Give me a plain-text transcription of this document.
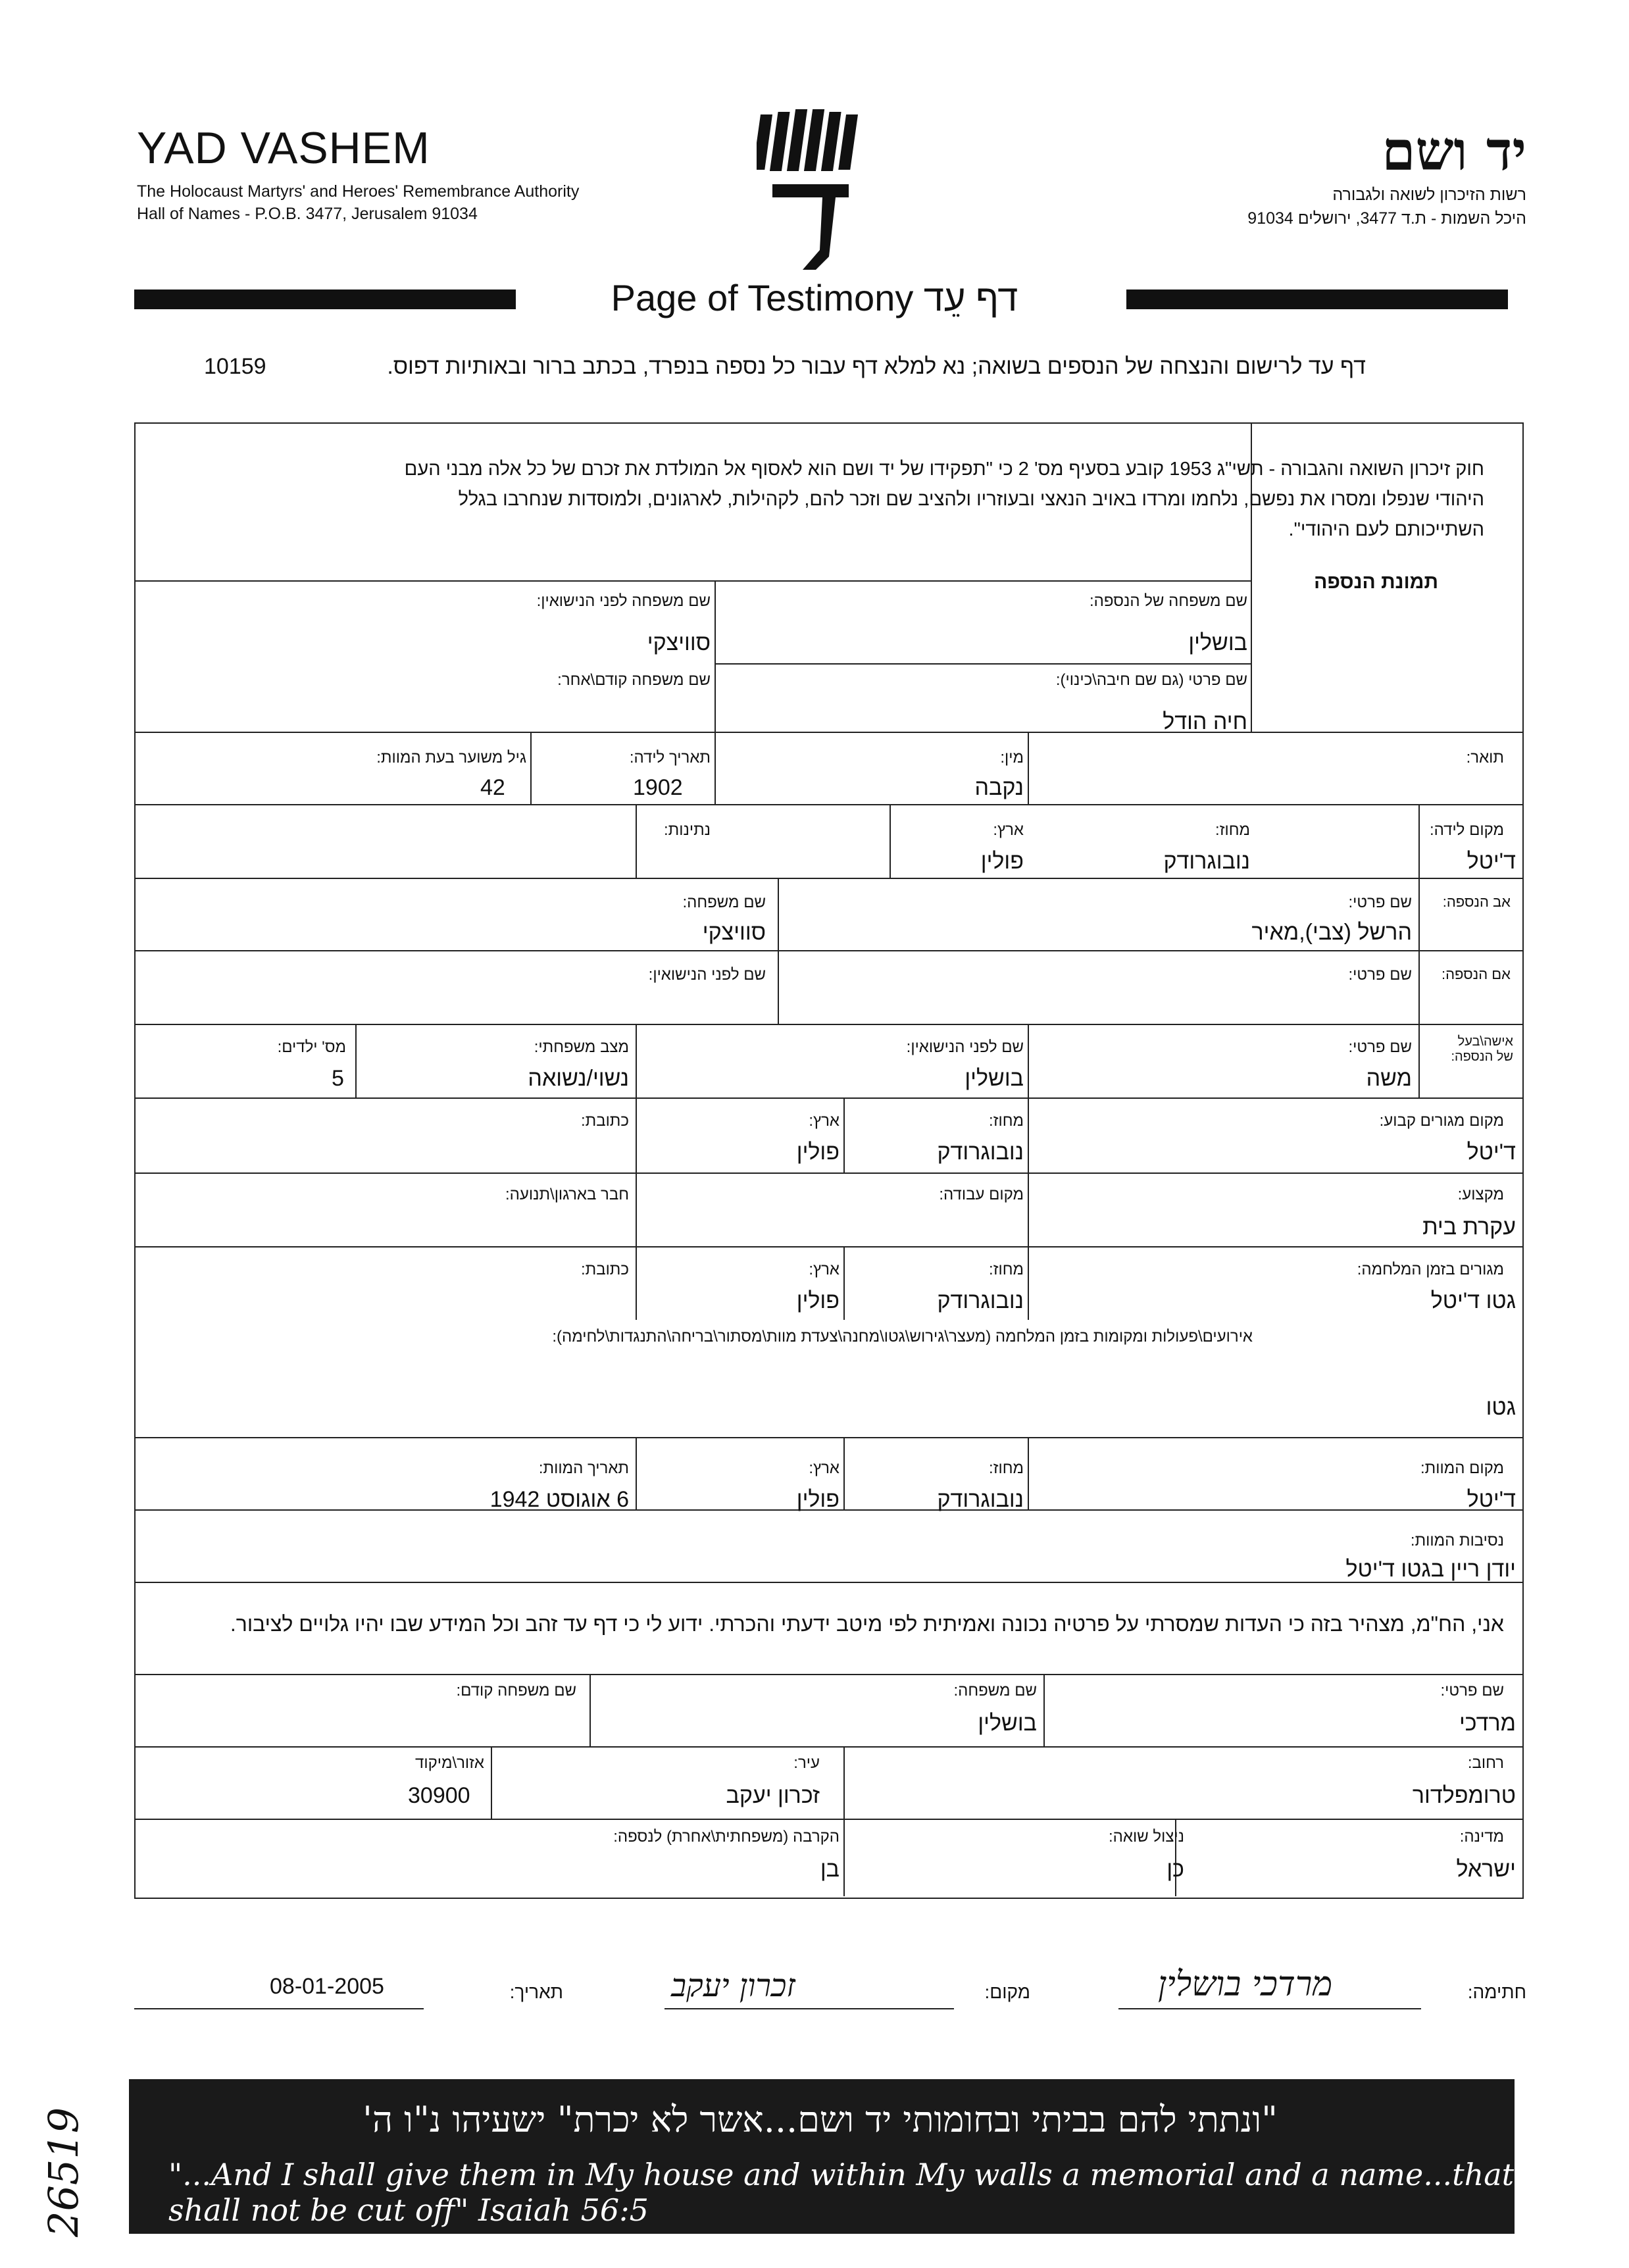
YAD VASHEM
The Holocaust Martyrs' and Heroes' Remembrance Authority
Hall of Names - P.O.B. 3477, Jerusalem 91034
יד ושם
רשות הזיכרון לשואה ולגבורה
היכל השמות - ת.ד 3477, ירושלים 91034
Page of Testimony דף עֵד
דף עד לרישום והנצחה של הנספים בשואה; נא למלא דף עבור כל נספה בנפרד, בכתב ברור ובאותיות דפוס.
10159
חוק זיכרון השואה והגבורה - תשי"ג 1953 קובע בסעיף מס' 2 כי "תפקידו של יד ושם הוא לאסוף אל המולדת את זכרם של כל אלה מבני העם היהודי שנפלו ומסרו את נפשם, נלחמו ומרדו באויב הנאצי ובעוזריו ולהציב שם וזכר להם, לקהילות, לארגונים, ולמוסדות שנחרבו בגלל השתייכותם לעם היהודי".
תמונת הנספה
שם משפחה של הנספה:
בושלין
שם משפחה לפני הנישואין:
סוויצקי
שם פרטי (גם שם חיבה\כינוי):
חיה הודל
שם משפחה קודם\אחר:
תואר:
מין:
נקבה
תאריך לידה:
1902
גיל משוער בעת המוות:
42
מקום לידה:
ד'יטל
מחוז:
נובוגרודק
ארץ:
פולין
נתינות:
אב הנספה:
שם פרטי:
הרשל (צבי),מאיר
שם משפחה:
סוויצקי
אם הנספה:
שם פרטי:
שם לפני הנישואין:
אישה\בעל של הנספה:
שם פרטי:
משה
שם לפני הנישואין:
בושלין
מצב משפחתי:
נשוי/נשואה
מס' ילדים:
5
מקום מגורים קבוע:
ד'יטל
מחוז:
נובוגרודק
ארץ:
פולין
כתובת:
מקצוע:
עקרת בית
מקום עבודה:
חבר בארגון\תנועה:
מגורים בזמן המלחמה:
גטו ד'יטל
מחוז:
נובוגרודק
ארץ:
פולין
כתובת:
אירועים\פעולות ומקומות בזמן המלחמה (מעצר\גירוש\גטו\מחנה\צעדת מוות\מסתור\בריחה\התנגדות\לחימה):
גטו
מקום המוות:
ד'יטל
מחוז:
נובוגרודק
ארץ:
פולין
תאריך המוות:
6 אוגוסט 1942
נסיבות המוות:
יודן ריין בגטו ד'יטל
אני, הח"מ, מצהיר בזה כי העדות שמסרתי על פרטיה נכונה ואמיתית לפי מיטב ידעתי והכרתי. ידוע לי כי דף עד זהב וכל המידע שבו יהיו גלויים לציבור.
שם פרטי:
מרדכי
שם משפחה:
בושלין
שם משפחה קודם:
רחוב:
טרומפלדור
עיר:
זכרון יעקב
אזור\מיקוד
30900
מדינה:
ישראל
ניצול שואה:
כן
הקרבה (משפחתית\אחרת) לנספה:
בן
חתימה:
מרדכי בושלין
מקום:
זכרון יעקב
תאריך:
08-01-2005
"ונתתי להם בביתי ובחומותי יד ושם...אשר לא יכרת" ישעיהו נ"ו ה'
"...And I shall give them in My house and within My walls a memorial and a name...that shall not be cut off" Isaiah 56:5
26519
